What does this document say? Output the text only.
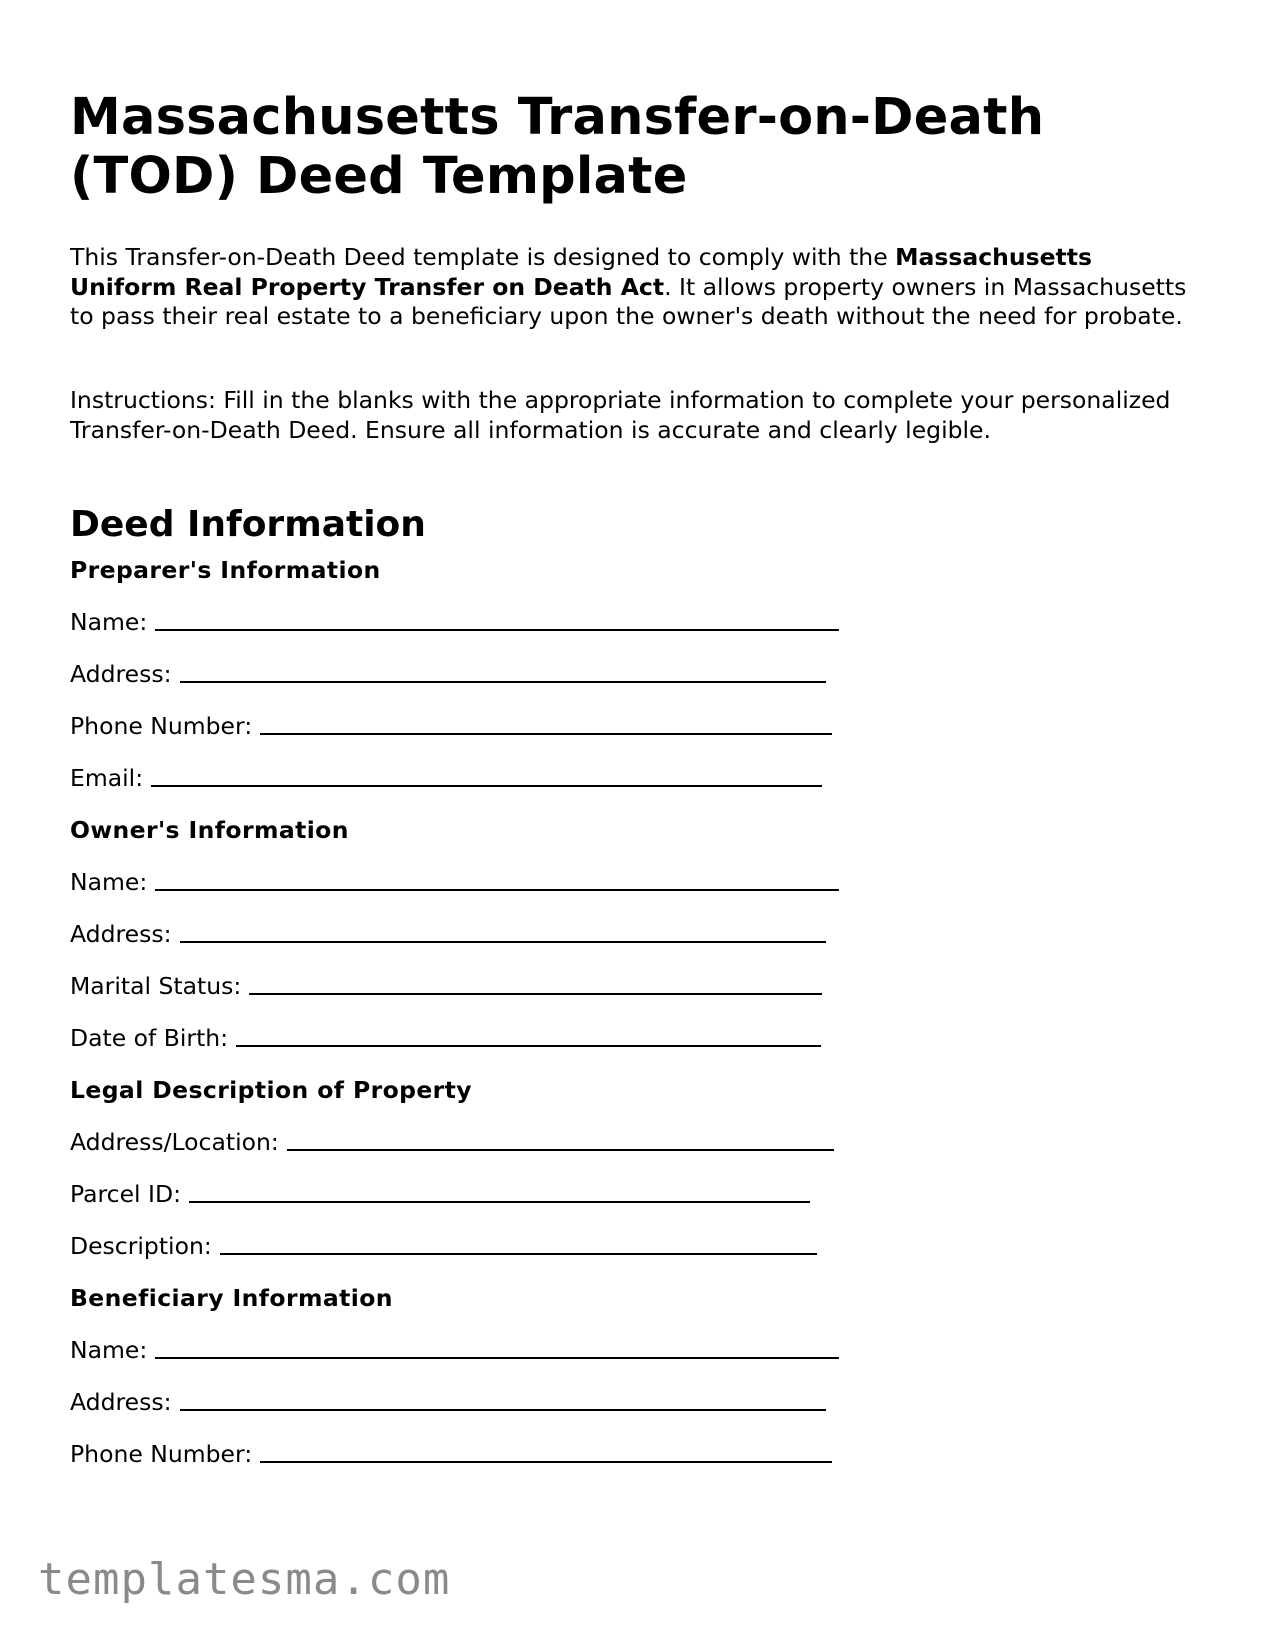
Massachusetts Transfer-on-Death (TOD) Deed Template

This Transfer-on-Death Deed template is designed to comply with the Massachusetts Uniform Real Property Transfer on Death Act. It allows property owners in Massachusetts to pass their real estate to a beneficiary upon the owner's death without the need for probate.

Instructions: Fill in the blanks with the appropriate information to complete your personalized Transfer-on-Death Deed. Ensure all information is accurate and clearly legible.

Deed Information
Preparer's Information
Name:
Address:
Phone Number:
Email:
Owner's Information
Name:
Address:
Marital Status:
Date of Birth:
Legal Description of Property
Address/Location:
Parcel ID:
Description:
Beneficiary Information
Name:
Address:
Phone Number:
templatesma.com
